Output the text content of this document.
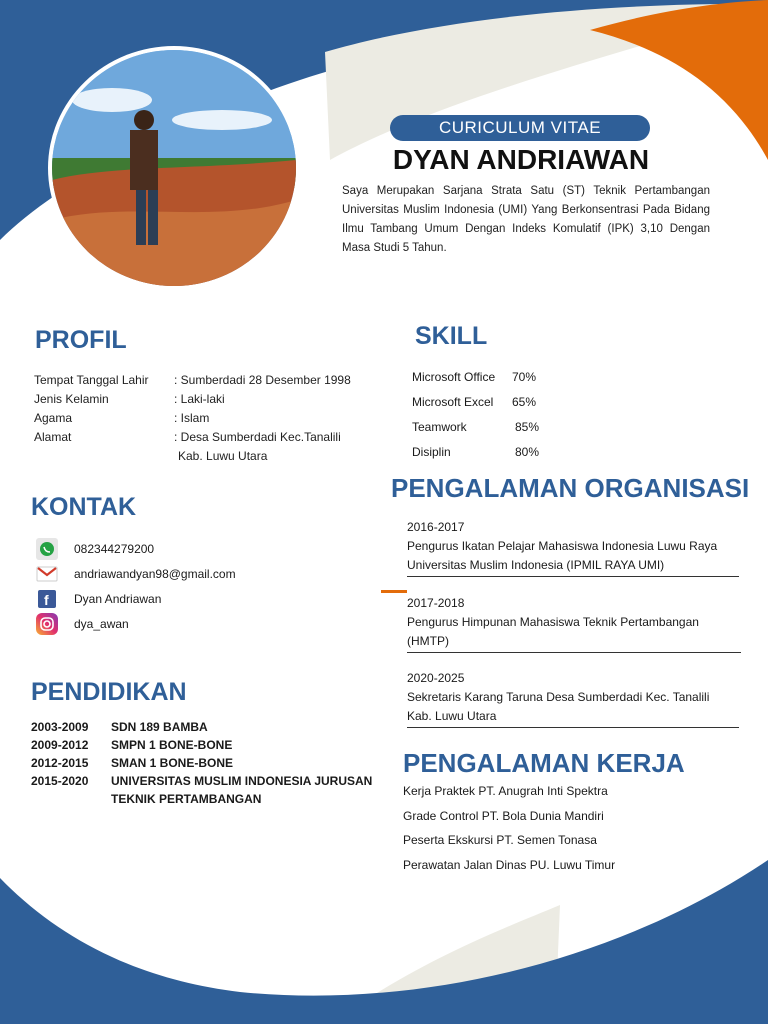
CURICULUM VITAE
DYAN ANDRIAWAN
Saya Merupakan Sarjana Strata Satu (ST) Teknik Pertambangan Universitas Muslim Indonesia (UMI) Yang Berkonsentrasi Pada Bidang Ilmu Tambang Umum Dengan Indeks Komulatif (IPK) 3,10 Dengan Masa Studi 5 Tahun.
PROFIL
Tempat Tanggal Lahir	: Sumberdadi 28 Desember 1998
Jenis Kelamin	: Laki-laki
Agama	: Islam
Alamat	: Desa Sumberdadi Kec.Tanalili
Kab. Luwu Utara
KONTAK
082344279200
andriawandyan98@gmail.com
f Dyan Andriawan
dya_awan
PENDIDIKAN
2003-2009	SDN 189 BAMBA
2009-2012	SMPN 1 BONE-BONE
2012-2015	SMAN 1 BONE-BONE
2015-2020	UNIVERSITAS MUSLIM INDONESIA JURUSAN
TEKNIK PERTAMBANGAN
SKILL
Microsoft Office	70%
Microsoft Excel	65%
Teamwork	85%
Disiplin	80%
PENGALAMAN ORGANISASI
2016-2017
Pengurus Ikatan Pelajar Mahasiswa Indonesia Luwu Raya
Universitas Muslim Indonesia (IPMIL RAYA UMI)
2017-2018
Pengurus Himpunan Mahasiswa Teknik Pertambangan
(HMTP)
2020-2025
Sekretaris Karang Taruna Desa Sumberdadi Kec. Tanalili
Kab. Luwu Utara
PENGALAMAN KERJA
Kerja Praktek PT. Anugrah Inti Spektra
Grade Control PT. Bola Dunia Mandiri
Peserta Ekskursi PT. Semen Tonasa
Perawatan Jalan Dinas PU. Luwu Timur
